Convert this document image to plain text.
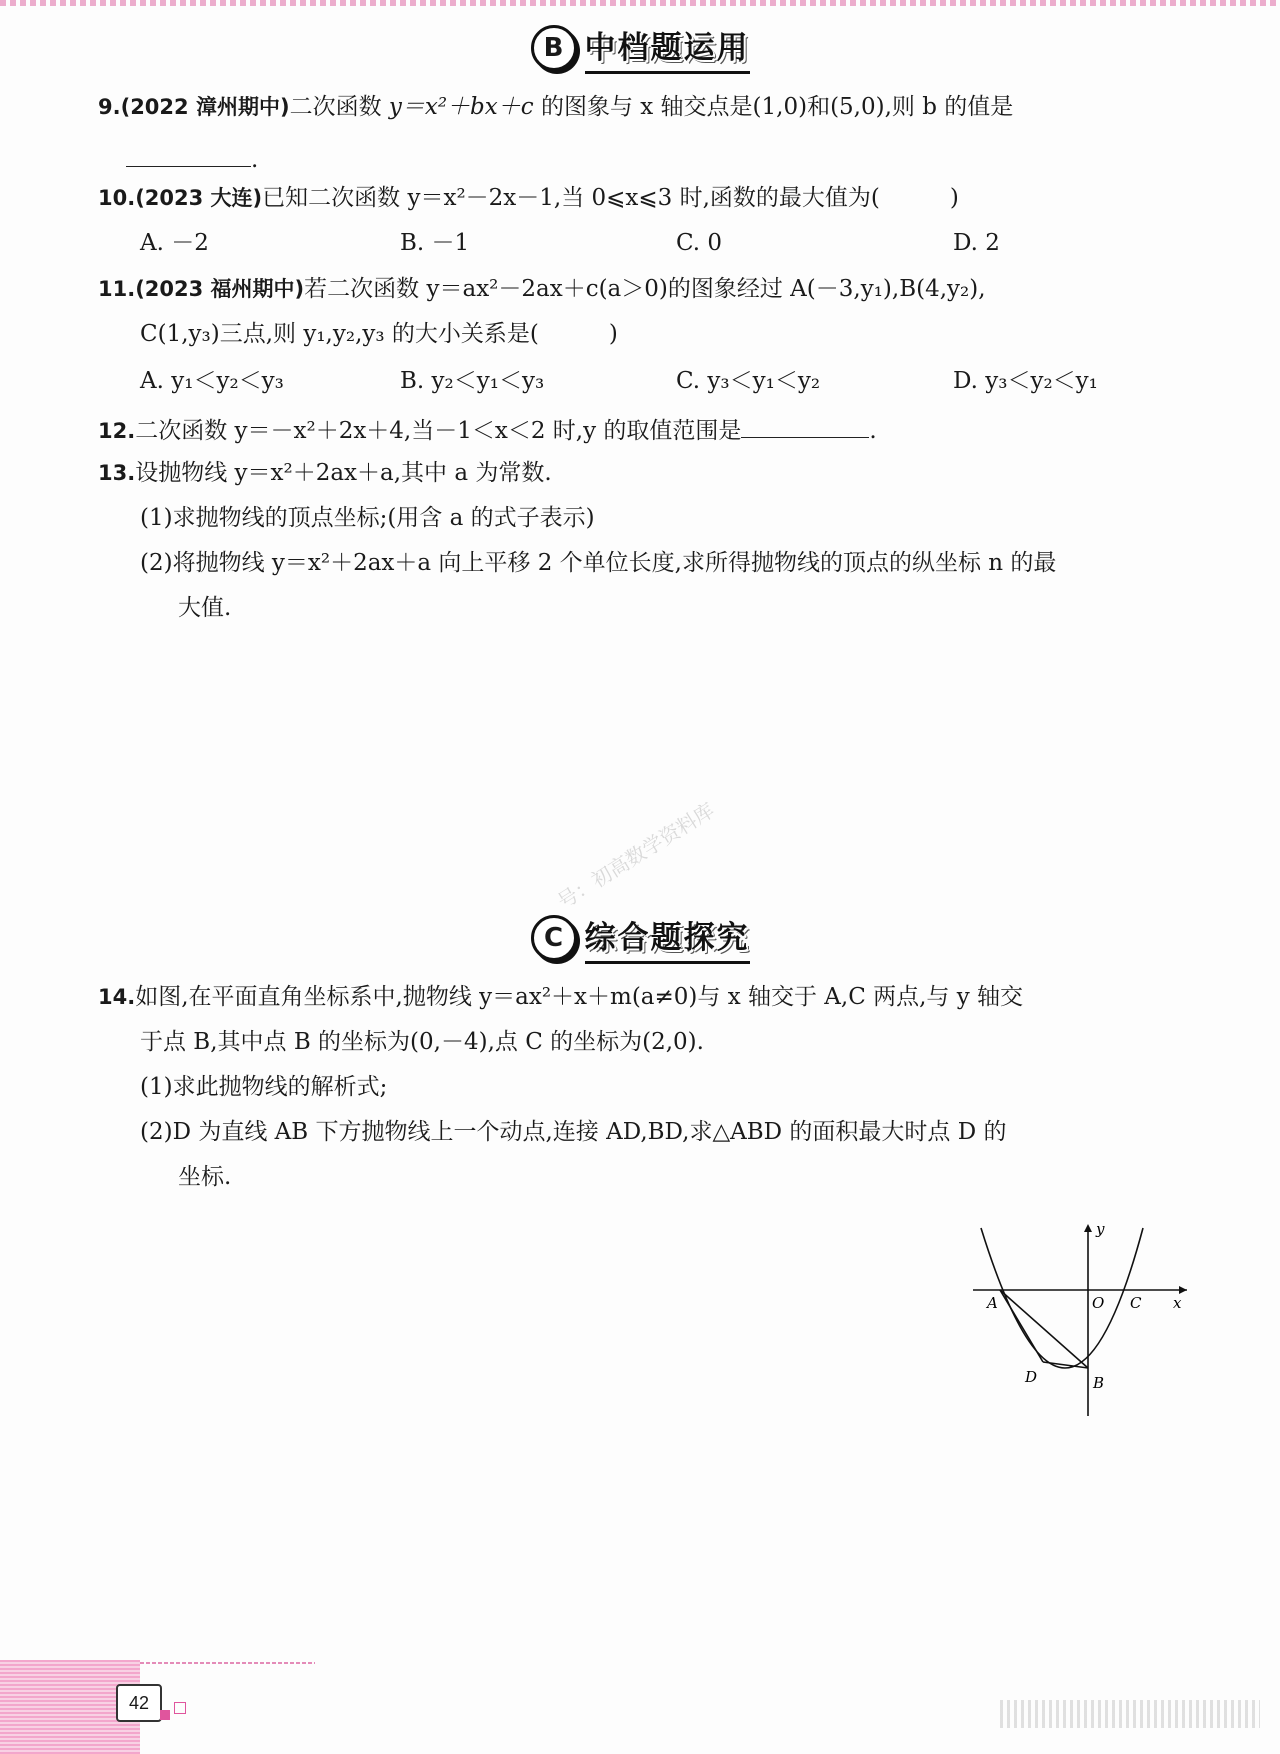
B 中档题运用
9.(2022 漳州期中)二次函数 y＝x²＋bx＋c 的图象与 x 轴交点是(1,0)和(5,0),则 b 的值是
.
10.(2023 大连)已知二次函数 y＝x²－2x－1,当 0⩽x⩽3 时,函数的最大值为(	)
A. －2	B. －1	C. 0	D. 2
11.(2023 福州期中)若二次函数 y＝ax²－2ax＋c(a＞0)的图象经过 A(－3,y₁),B(4,y₂),
C(1,y₃)三点,则 y₁,y₂,y₃ 的大小关系是(	)
A. y₁＜y₂＜y₃	B. y₂＜y₁＜y₃	C. y₃＜y₁＜y₂	D. y₃＜y₂＜y₁
12.二次函数 y＝－x²＋2x＋4,当－1＜x＜2 时,y 的取值范围是	.
13.设抛物线 y＝x²＋2ax＋a,其中 a 为常数.
(1)求抛物线的顶点坐标;(用含 a 的式子表示)
(2)将抛物线 y＝x²＋2ax＋a 向上平移 2 个单位长度,求所得抛物线的顶点的纵坐标 n 的最
大值.
号：初高数学资料库
C 综合题探究
14.如图,在平面直角坐标系中,抛物线 y＝ax²＋x＋m(a≠0)与 x 轴交于 A,C 两点,与 y 轴交
于点 B,其中点 B 的坐标为(0,－4),点 C 的坐标为(2,0).
(1)求此抛物线的解析式;
(2)D 为直线 AB 下方抛物线上一个动点,连接 AD,BD,求△ABD 的面积最大时点 D 的
坐标.
y
x
A	O C
D	B
42
